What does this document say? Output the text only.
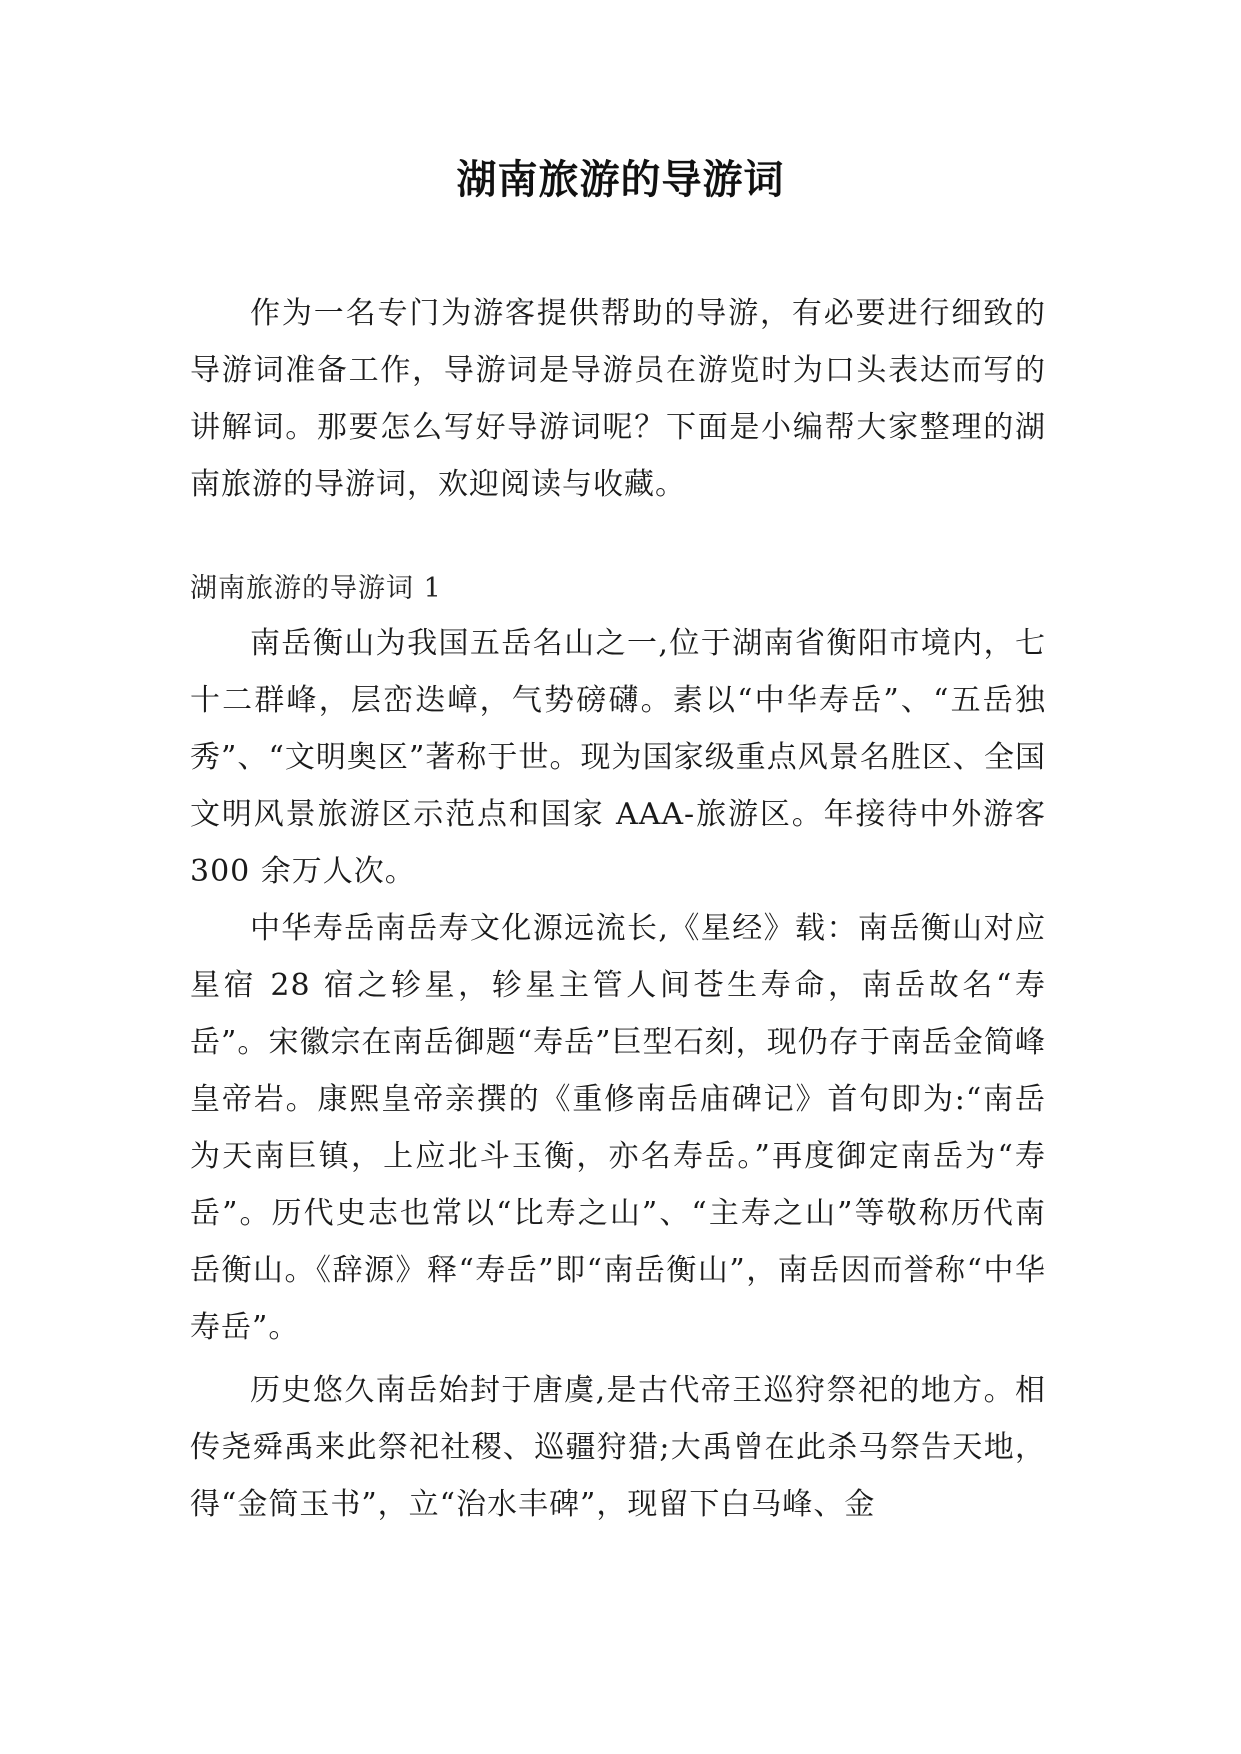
湖南旅游的导游词

作为一名专门为游客提供帮助的导游，有必要进行细致的导游词准备工作，导游词是导游员在游览时为口头表达而写的讲解词。那要怎么写好导游词呢？下面是小编帮大家整理的湖南旅游的导游词，欢迎阅读与收藏。

湖南旅游的导游词 1

南岳衡山为我国五岳名山之一,位于湖南省衡阳市境内，七十二群峰，层峦迭嶂，气势磅礴。素以“中华寿岳”、“五岳独秀”、“文明奥区”著称于世。现为国家级重点风景名胜区、全国文明风景旅游区示范点和国家 AAA-旅游区。年接待中外游客 300 余万人次。

中华寿岳南岳寿文化源远流长,《星经》载：南岳衡山对应星宿 28 宿之轸星，轸星主管人间苍生寿命，南岳故名“寿岳”。宋徽宗在南岳御题“寿岳”巨型石刻，现仍存于南岳金简峰皇帝岩。康熙皇帝亲撰的《重修南岳庙碑记》首句即为:“南岳为天南巨镇，上应北斗玉衡，亦名寿岳。”再度御定南岳为“寿岳”。历代史志也常以“比寿之山”、“主寿之山”等敬称历代南岳衡山。《辞源》释“寿岳”即“南岳衡山”，南岳因而誉称“中华寿岳”。

历史悠久南岳始封于唐虞,是古代帝王巡狩祭祀的地方。相传尧舜禹来此祭祀社稷、巡疆狩猎;大禹曾在此杀马祭告天地，得“金简玉书”，立“治水丰碑”，现留下白马峰、金
